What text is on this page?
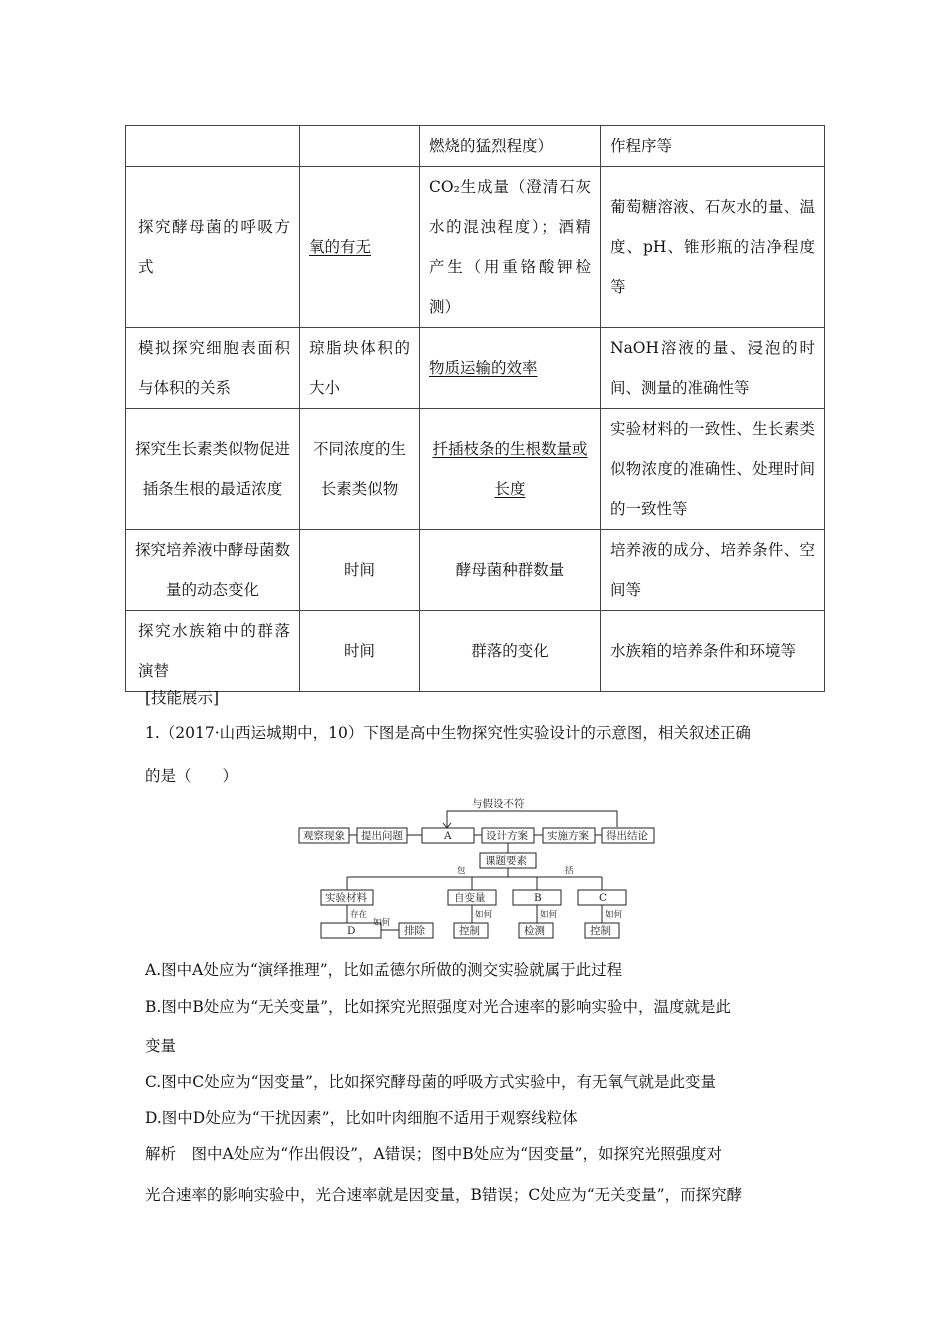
		燃烧的猛烈程度）	作程序等
探究酵母菌的呼吸方式	氧的有无	CO₂生成量（澄清石灰水的混浊程度）；酒精产生（用重铬酸钾检测）	葡萄糖溶液、石灰水的量、温度、pH、锥形瓶的洁净程度等
模拟探究细胞表面积与体积的关系	琼脂块体积的大小	物质运输的效率	NaOH溶液的量、浸泡的时间、测量的准确性等
探究生长素类似物促进插条生根的最适浓度	不同浓度的生长素类似物	扦插枝条的生根数量或长度	实验材料的一致性、生长素类似物浓度的准确性、处理时间的一致性等
探究培养液中酵母菌数量的动态变化	时间	酵母菌种群数量	培养液的成分、培养条件、空间等
探究水族箱中的群落演替	时间	群落的变化	水族箱的培养条件和环境等
[技能展示]
1.（2017·山西运城期中，10）下图是高中生物探究性实验设计的示意图，相关叙述正确
的是（　　）
与假设不符
观察现象 提出问题	A	设计方案 实施方案 得出结论
课题要素
包	括
实验材料	自变量	B	C
存在	如何	如何	如何
D
如何
排除	控制	检测	控制
A.图中A处应为“演绎推理”，比如孟德尔所做的测交实验就属于此过程
B.图中B处应为“无关变量”，比如探究光照强度对光合速率的影响实验中，温度就是此
变量
C.图中C处应为“因变量”，比如探究酵母菌的呼吸方式实验中，有无氧气就是此变量
D.图中D处应为“干扰因素”，比如叶肉细胞不适用于观察线粒体
解析　图中A处应为“作出假设”，A错误；图中B处应为“因变量”，如探究光照强度对
光合速率的影响实验中，光合速率就是因变量，B错误；C处应为“无关变量”，而探究酵
